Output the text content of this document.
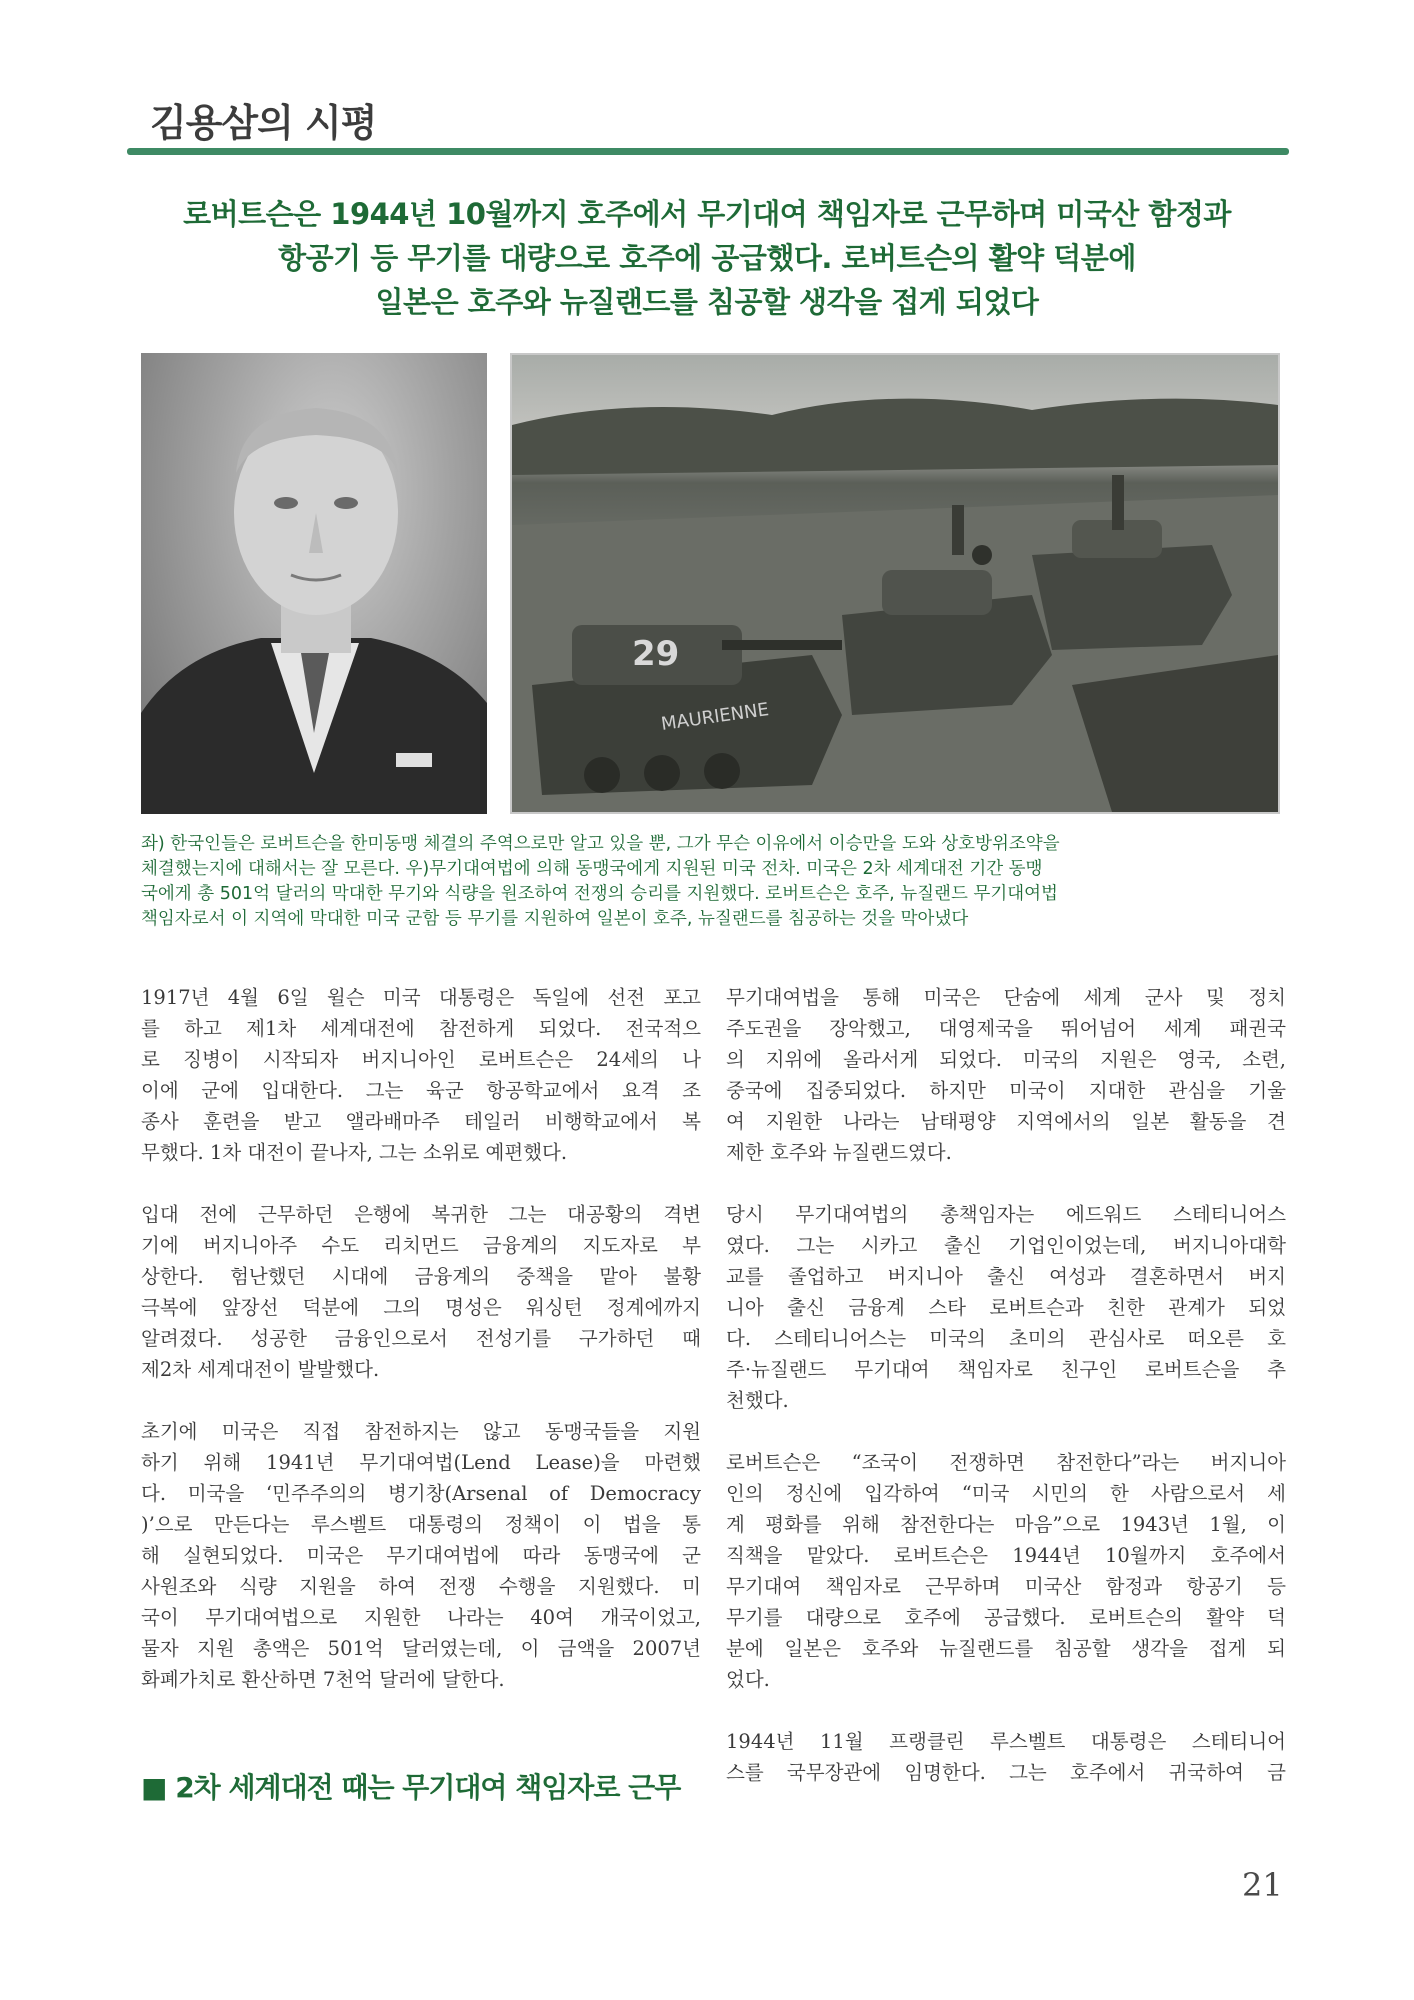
김용삼의 시평
로버트슨은 1944년 10월까지 호주에서 무기대여 책임자로 근무하며 미국산 함정과
항공기 등 무기를 대량으로 호주에 공급했다. 로버트슨의 활약 덕분에
일본은 호주와 뉴질랜드를 침공할 생각을 접게 되었다
29
MAURIENNE

좌) 한국인들은 로버트슨을 한미동맹 체결의 주역으로만 알고 있을 뿐, 그가 무슨 이유에서 이승만을 도와 상호방위조약을

체결했는지에 대해서는 잘 모른다. 우)무기대여법에 의해 동맹국에게 지원된 미국 전차. 미국은 2차 세계대전 기간 동맹

국에게 총 501억 달러의 막대한 무기와 식량을 원조하여 전쟁의 승리를 지원했다. 로버트슨은 호주, 뉴질랜드 무기대여법

책임자로서 이 지역에 막대한 미국 군함 등 무기를 지원하여 일본이 호주, 뉴질랜드를 침공하는 것을 막아냈다

1917년 4월 6일 윌슨 미국 대통령은 독일에 선전 포고
를 하고 제1차 세계대전에 참전하게 되었다. 전국적으
로 징병이 시작되자 버지니아인 로버트슨은 24세의 나
이에 군에 입대한다. 그는 육군 항공학교에서 요격 조
종사 훈련을 받고 앨라배마주 테일러 비행학교에서 복
무했다. 1차 대전이 끝나자, 그는 소위로 예편했다.
입대 전에 근무하던 은행에 복귀한 그는 대공황의 격변
기에 버지니아주 수도 리치먼드 금융계의 지도자로 부
상한다. 험난했던 시대에 금융계의 중책을 맡아 불황
극복에 앞장선 덕분에 그의 명성은 워싱턴 정계에까지
알려졌다. 성공한 금융인으로서 전성기를 구가하던 때
제2차 세계대전이 발발했다.
초기에 미국은 직접 참전하지는 않고 동맹국들을 지원
하기 위해 1941년 무기대여법(Lend Lease)을 마련했
다. 미국을 ‘민주주의의 병기창(Arsenal of Democracy
)’으로 만든다는 루스벨트 대통령의 정책이 이 법을 통
해 실현되었다. 미국은 무기대여법에 따라 동맹국에 군
사원조와 식량 지원을 하여 전쟁 수행을 지원했다. 미
국이 무기대여법으로 지원한 나라는 40여 개국이었고,
물자 지원 총액은 501억 달러였는데, 이 금액을 2007년
화폐가치로 환산하면 7천억 달러에 달한다.
■ 2차 세계대전 때는 무기대여 책임자로 근무
무기대여법을 통해 미국은 단숨에 세계 군사 및 정치
주도권을 장악했고, 대영제국을 뛰어넘어 세계 패권국
의 지위에 올라서게 되었다. 미국의 지원은 영국, 소련,
중국에 집중되었다. 하지만 미국이 지대한 관심을 기울
여 지원한 나라는 남태평양 지역에서의 일본 활동을 견
제한 호주와 뉴질랜드였다.
당시 무기대여법의 총책임자는 에드워드 스테티니어스
였다. 그는 시카고 출신 기업인이었는데, 버지니아대학
교를 졸업하고 버지니아 출신 여성과 결혼하면서 버지
니아 출신 금융계 스타 로버트슨과 친한 관계가 되었
다. 스테티니어스는 미국의 초미의 관심사로 떠오른 호
주·뉴질랜드 무기대여 책임자로 친구인 로버트슨을 추
천했다.
로버트슨은 “조국이 전쟁하면 참전한다”라는 버지니아
인의 정신에 입각하여 “미국 시민의 한 사람으로서 세
계 평화를 위해 참전한다는 마음”으로 1943년 1월, 이
직책을 맡았다. 로버트슨은 1944년 10월까지 호주에서
무기대여 책임자로 근무하며 미국산 함정과 항공기 등
무기를 대량으로 호주에 공급했다. 로버트슨의 활약 덕
분에 일본은 호주와 뉴질랜드를 침공할 생각을 접게 되
었다.
1944년 11월 프랭클린 루스벨트 대통령은 스테티니어
스를 국무장관에 임명한다. 그는 호주에서 귀국하여 금
21
